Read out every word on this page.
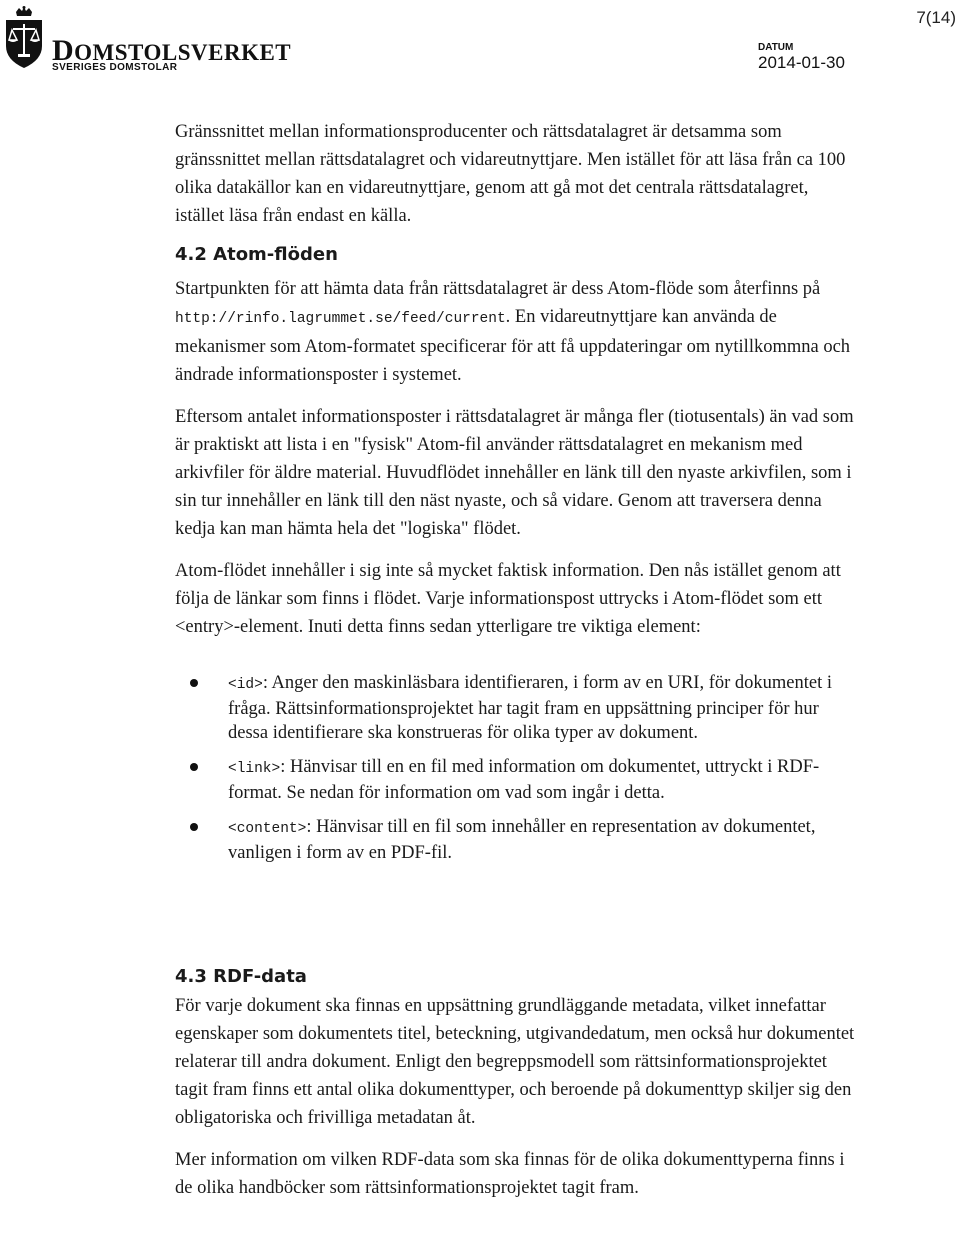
7(14)
DOMSTOLSVERKET
SVERIGES DOMSTOLAR
DATUM
2014-01-30

Gränssnittet mellan informationsproducenter och rättsdatalagret är detsamma som gränssnittet mellan rättsdatalagret och vidareutnyttjare. Men istället för att läsa från ca 100 olika datakällor kan en vidareutnyttjare, genom att gå mot det centrala rättsdatalagret, istället läsa från endast en källa.

4.2 Atom-flöden

Startpunkten för att hämta data från rättsdatalagret är dess Atom-flöde som återfinns på http://rinfo.lagrummet.se/feed/current. En vidareutnyttjare kan använda de mekanismer som Atom-formatet specificerar för att få uppdateringar om nytillkommna och ändrade informationsposter i systemet.

Eftersom antalet informationsposter i rättsdatalagret är många fler (tiotusentals) än vad som är praktiskt att lista i en "fysisk" Atom-fil använder rättsdatalagret en mekanism med arkivfiler för äldre material. Huvudflödet innehåller en länk till den nyaste arkivfilen, som i sin tur innehåller en länk till den näst nyaste, och så vidare. Genom att traversera denna kedja kan man hämta hela det "logiska" flödet.

Atom-flödet innehåller i sig inte så mycket faktisk information. Den nås istället genom att följa de länkar som finns i flödet. Varje informationspost uttrycks i Atom-flödet som ett <entry>-element. Inuti detta finns sedan ytterligare tre viktiga element:

<id>: Anger den maskinläsbara identifieraren, i form av en URI, för dokumentet i fråga. Rättsinformationsprojektet har tagit fram en uppsättning principer för hur dessa identifierare ska konstrueras för olika typer av dokument.
<link>: Hänvisar till en en fil med information om dokumentet, uttryckt i RDF-format. Se nedan för information om vad som ingår i detta.
<content>: Hänvisar till en fil som innehåller en representation av dokumentet, vanligen i form av en PDF-fil.
4.3 RDF-data

För varje dokument ska finnas en uppsättning grundläggande metadata, vilket innefattar egenskaper som dokumentets titel, beteckning, utgivandedatum, men också hur dokumentet relaterar till andra dokument. Enligt den begreppsmodell som rättsinformationsprojektet tagit fram finns ett antal olika dokumenttyper, och beroende på dokumenttyp skiljer sig den obligatoriska och frivilliga metadatan åt.

Mer information om vilken RDF-data som ska finnas för de olika dokumenttyperna finns i de olika handböcker som rättsinformationsprojektet tagit fram.
